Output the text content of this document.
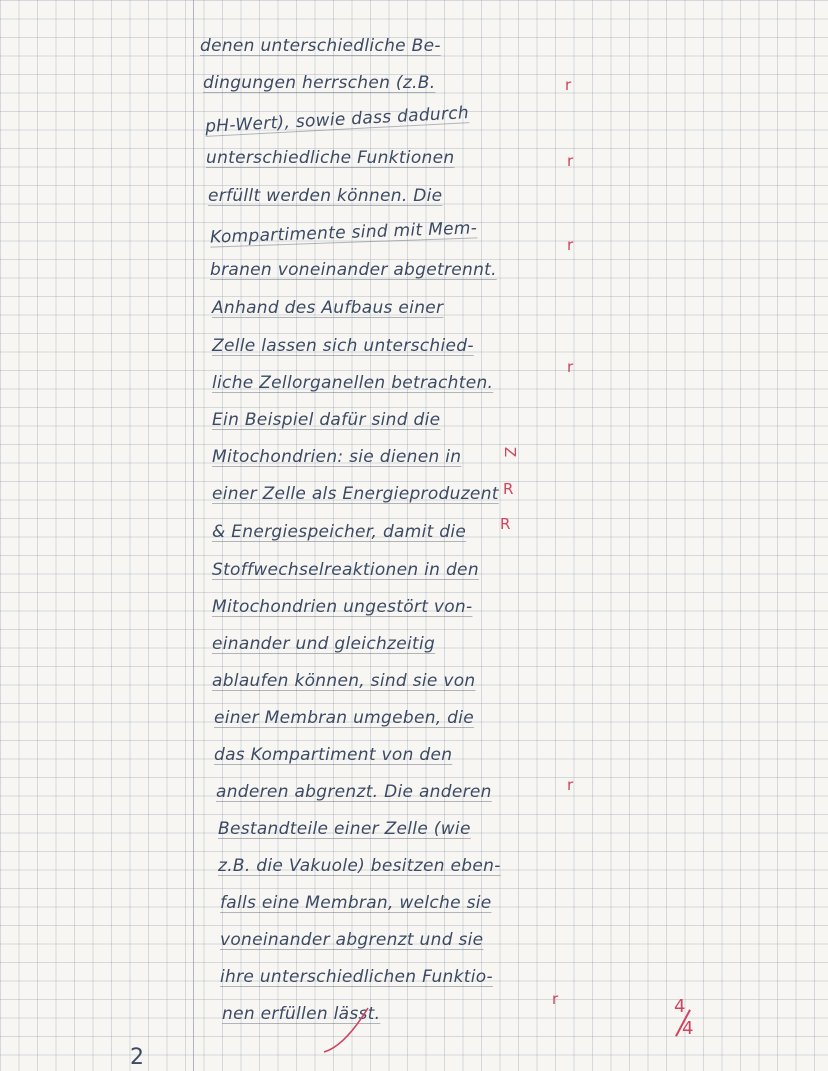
denen unterschiedliche Be-

dingungen herrschen (z.B.

pH-Wert), sowie dass dadurch

unterschiedliche Funktionen

erfüllt werden können. Die

Kompartimente sind mit Mem-

branen voneinander abgetrennt.

Anhand des Aufbaus einer

Zelle lassen sich unterschied-

liche Zellorganellen betrachten.

Ein Beispiel dafür sind die

Mitochondrien: sie dienen in

einer Zelle als Energieproduzent

& Energiespeicher, damit die

Stoffwechselreaktionen in den

Mitochondrien ungestört von-

einander und gleichzeitig

ablaufen können, sind sie von

einer Membran umgeben, die

das Kompartiment von den

anderen abgrenzt. Die anderen

Bestandteile einer Zelle (wie

z.B. die Vakuole) besitzen eben-

falls eine Membran, welche sie

voneinander abgrenzt und sie

ihre unterschiedlichen Funktio-

nen erfüllen lässt.

r

r

r

r

Z

R

R

r

r	4
4

2
